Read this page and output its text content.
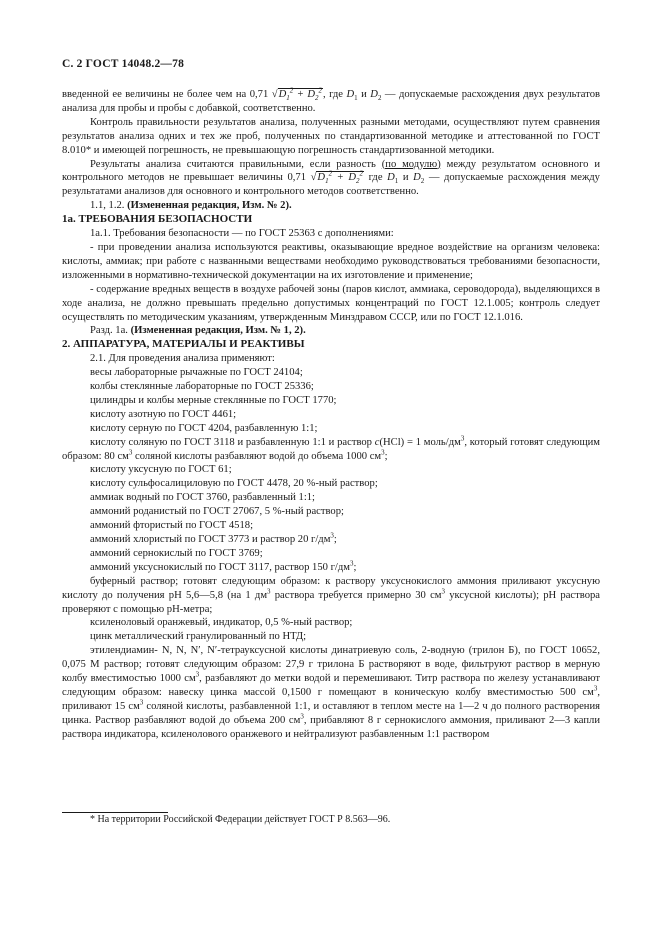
С. 2 ГОСТ 14048.2—78

введенной ее величины не более чем на 0,71 $√D_1^2 + D_2^2$, где $D_1$ и $D_2$ — допускаемые расхождения двух результатов анализа для пробы и пробы с добавкой, соответственно.

Контроль правильности результатов анализа, полученных разными методами, осуществляют путем сравнения результатов анализа одних и тех же проб, полученных по стандартизованной методике и аттестованной по ГОСТ 8.010* и имеющей погрешность, не превышающую погрешность стандартизованной методики.

Результаты анализа считаются правильными, если разность (по модулю) между результатом основного и контрольного методов не превышает величины 0,71 $√D_1^2 + D_2^2$ где $D_1$ и $D_2$ — допускаемые расхождения между результатами анализов для основного и контрольного методов соответственно.

1.1, 1.2. (Измененная редакция, Изм. № 2).

1а. ТРЕБОВАНИЯ БЕЗОПАСНОСТИ

1а.1. Требования безопасности — по ГОСТ 25363 с дополнениями:

- при проведении анализа используются реактивы, оказывающие вредное воздействие на организм человека: кислоты, аммиак; при работе с названными веществами необходимо руководствоваться требованиями безопасности, изложенными в нормативно-технической документации на их изготовление и применение;

- содержание вредных веществ в воздухе рабочей зоны (паров кислот, аммиака, сероводорода), выделяющихся в ходе анализа, не должно превышать предельно допустимых концентраций по ГОСТ 12.1.005; контроль следует осуществлять по методическим указаниям, утвержденным Минздравом СССР, или по ГОСТ 12.1.016.

Разд. 1а. (Измененная редакция, Изм. № 1, 2).

2. АППАРАТУРА, МАТЕРИАЛЫ И РЕАКТИВЫ

2.1. Для проведения анализа применяют:

весы лабораторные рычажные по ГОСТ 24104;

колбы стеклянные лабораторные по ГОСТ 25336;

цилиндры и колбы мерные стеклянные по ГОСТ 1770;

кислоту азотную по ГОСТ 4461;

кислоту серную по ГОСТ 4204, разбавленную 1:1;

кислоту соляную по ГОСТ 3118 и разбавленную 1:1 и раствор c(HCl) = 1 моль/$дм^3$, который готовят следующим образом: 80 $см^3$ соляной кислоты разбавляют водой до объема 1000 $см^3$;

кислоту уксусную по ГОСТ 61;

кислоту сульфосалициловую по ГОСТ 4478, 20 %-ный раствор;

аммиак водный по ГОСТ 3760, разбавленный 1:1;

аммоний роданистый по ГОСТ 27067, 5 %-ный раствор;

аммоний фтористый по ГОСТ 4518;

аммоний хлористый по ГОСТ 3773 и раствор 20 $г/дм^3$;

аммоний сернокислый по ГОСТ 3769;

аммоний уксуснокислый по ГОСТ 3117, раствор 150 $г/дм^3$;

буферный раствор; готовят следующим образом: к раствору уксуснокислого аммония приливают уксусную кислоту до получения рН 5,6—5,8 (на 1 $дм^3$ раствора требуется примерно 30 $см^3$ уксусной кислоты); рН раствора проверяют с помощью рН-метра;

ксиленоловый оранжевый, индикатор, 0,5 %-ный раствор;

цинк металлический гранулированный по НТД;

этилендиамин- N, N, N′, N′-тетрауксусной кислоты динатриевую соль, 2-водную (трилон Б), по ГОСТ 10652, 0,075 М раствор; готовят следующим образом: 27,9 г трилона Б растворяют в воде, фильтруют раствор в мерную колбу вместимостью 1000 $см^3$, разбавляют до метки водой и перемешивают. Титр раствора по железу устанавливают следующим образом: навеску цинка массой 0,1500 г помещают в коническую колбу вместимостью 500 $см^3$, приливают 15 $см^3$ соляной кислоты, разбавленной 1:1, и оставляют в теплом месте на 1—2 ч до полного растворения цинка. Раствор разбавляют водой до объема 200 $см^3$, прибавляют 8 г сернокислого аммония, приливают 2—3 капли раствора индикатора, ксиленолового оранжевого и нейтрализуют разбавленным 1:1 раствором

* На территории Российской Федерации действует ГОСТ Р 8.563—96.
